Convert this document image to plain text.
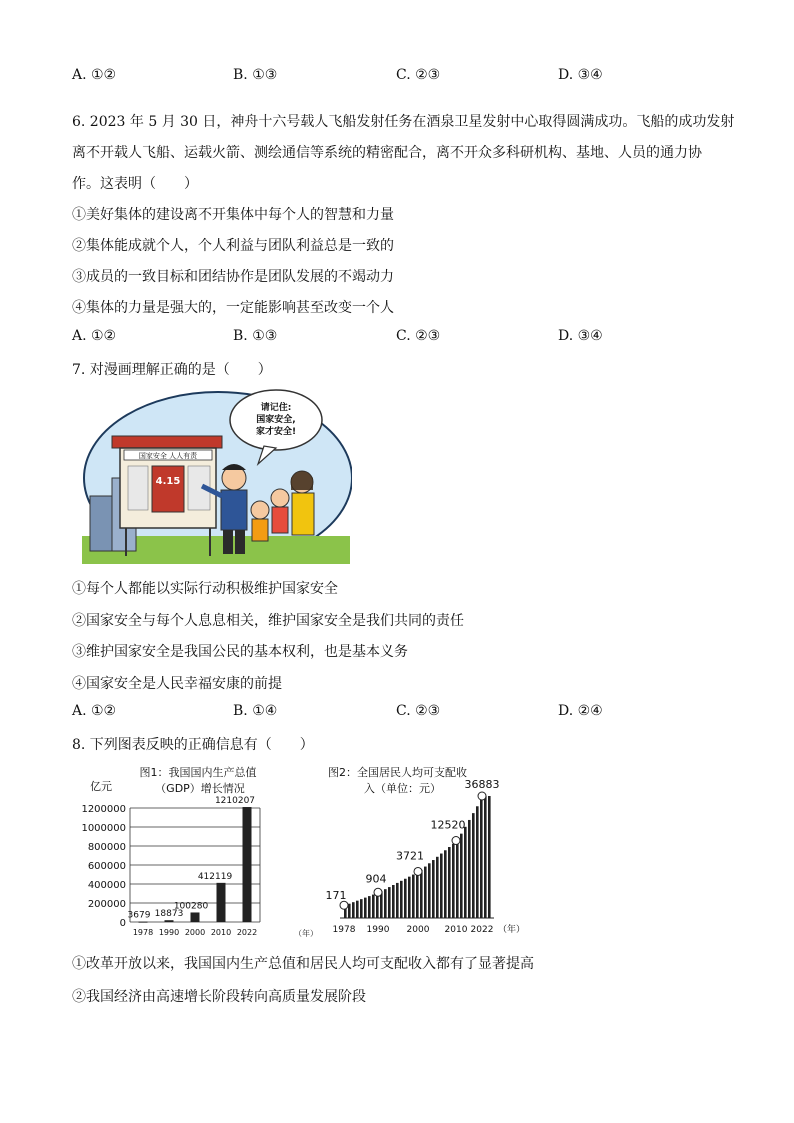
A. ①②	B. ①③	C. ②③	D. ③④
6. 2023 年 5 月 30 日，神舟十六号载人飞船发射任务在酒泉卫星发射中心取得圆满成功。飞船的成功发射
离不开载人飞船、运载火箭、测绘通信等系统的精密配合，离不开众多科研机构、基地、人员的通力协
作。这表明（　　）
①美好集体的建设离不开集体中每个人的智慧和力量
②集体能成就个人，个人利益与团队利益总是一致的
③成员的一致目标和团结协作是团队发展的不竭动力
④集体的力量是强大的，一定能影响甚至改变一个人
A. ①②	B. ①③	C. ②③	D. ③④
7. 对漫画理解正确的是（　　）
国家安全 人人有责
4.15
请记住:
国家安全,
家才安全!
①每个人都能以实际行动积极维护国家安全
②国家安全与每个人息息相关，维护国家安全是我们共同的责任
③维护国家安全是我国公民的基本权利，也是基本义务
④国家安全是人民幸福安康的前提
A. ①②	B. ①④	C. ②③	D. ②④
8. 下列图表反映的正确信息有（　　）
图1：我国国内生产总值
（GDP）增长情况
亿元
0
200000
400000
600000
800000
1000000
1200000
3679 18873
100280
412119
1210207
1978 1990 2000 2010 2022	（年）
图2：全国居民人均可支配收
入（单位：元）
171
904
3721
12520
36883
1978 1990 2000 2010 2022 （年）
①改革开放以来，我国国内生产总值和居民人均可支配收入都有了显著提高
②我国经济由高速增长阶段转向高质量发展阶段
